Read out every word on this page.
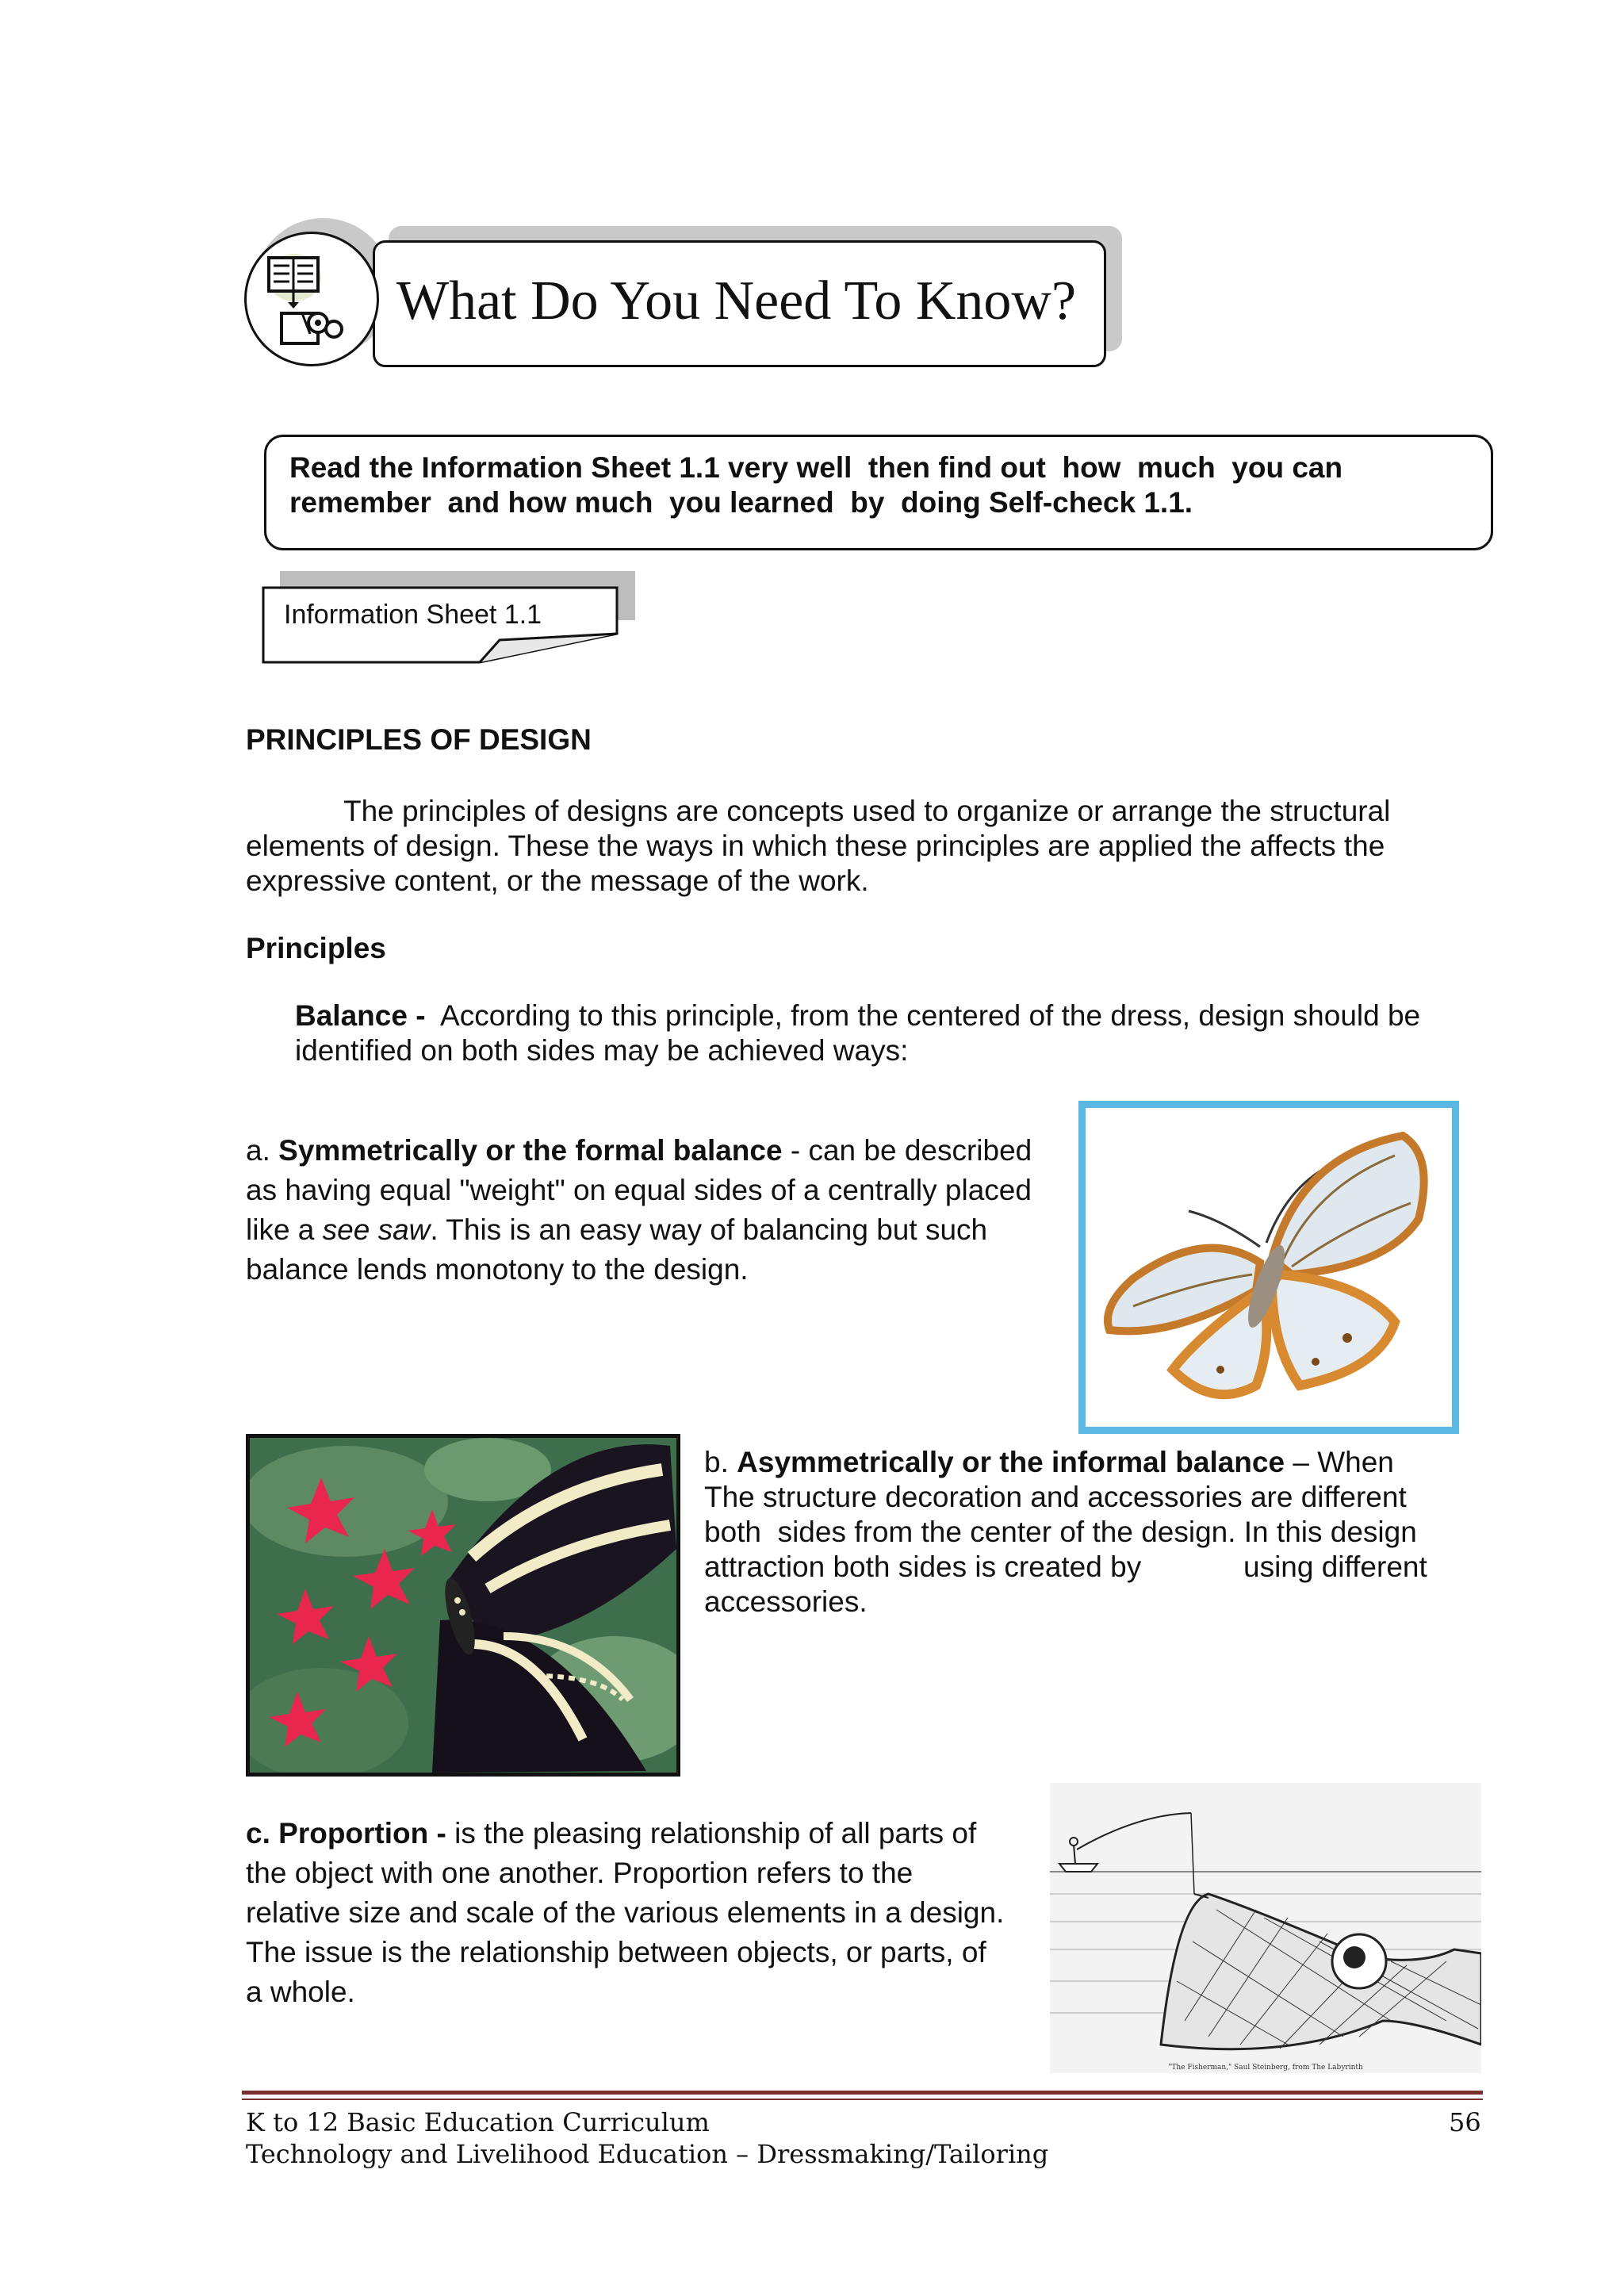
What Do You Need To Know?
Read the Information Sheet 1.1 very well  then find out  how  much  you can
remember  and how much  you learned  by  doing Self-check 1.1.
Information Sheet 1.1
PRINCIPLES OF DESIGN
The principles of designs are concepts used to organize or arrange the structural
elements of design. These the ways in which these principles are applied the affects the
expressive content, or the message of the work.
Principles
Balance - According to this principle, from the centered of the dress, design should be
identified on both sides may be achieved ways:
a. Symmetrically or the formal balance - can be described
as having equal "weight" on equal sides of a centrally placed
like a see saw. This is an easy way of balancing but such
balance lends monotony to the design.
b. Asymmetrically or the informal balance – When
The structure decoration and accessories are different
both  sides from the center of the design. In this design
attraction both sides is created by	using different
accessories.
c. Proportion - is the pleasing relationship of all parts of
the object with one another. Proportion refers to the
relative size and scale of the various elements in a design.
The issue is the relationship between objects, or parts, of
a whole.
"The Fisherman," Saul Steinberg, from The Labyrinth
K to 12 Basic Education Curriculum
Technology and Livelihood Education – Dressmaking/Tailoring
56
